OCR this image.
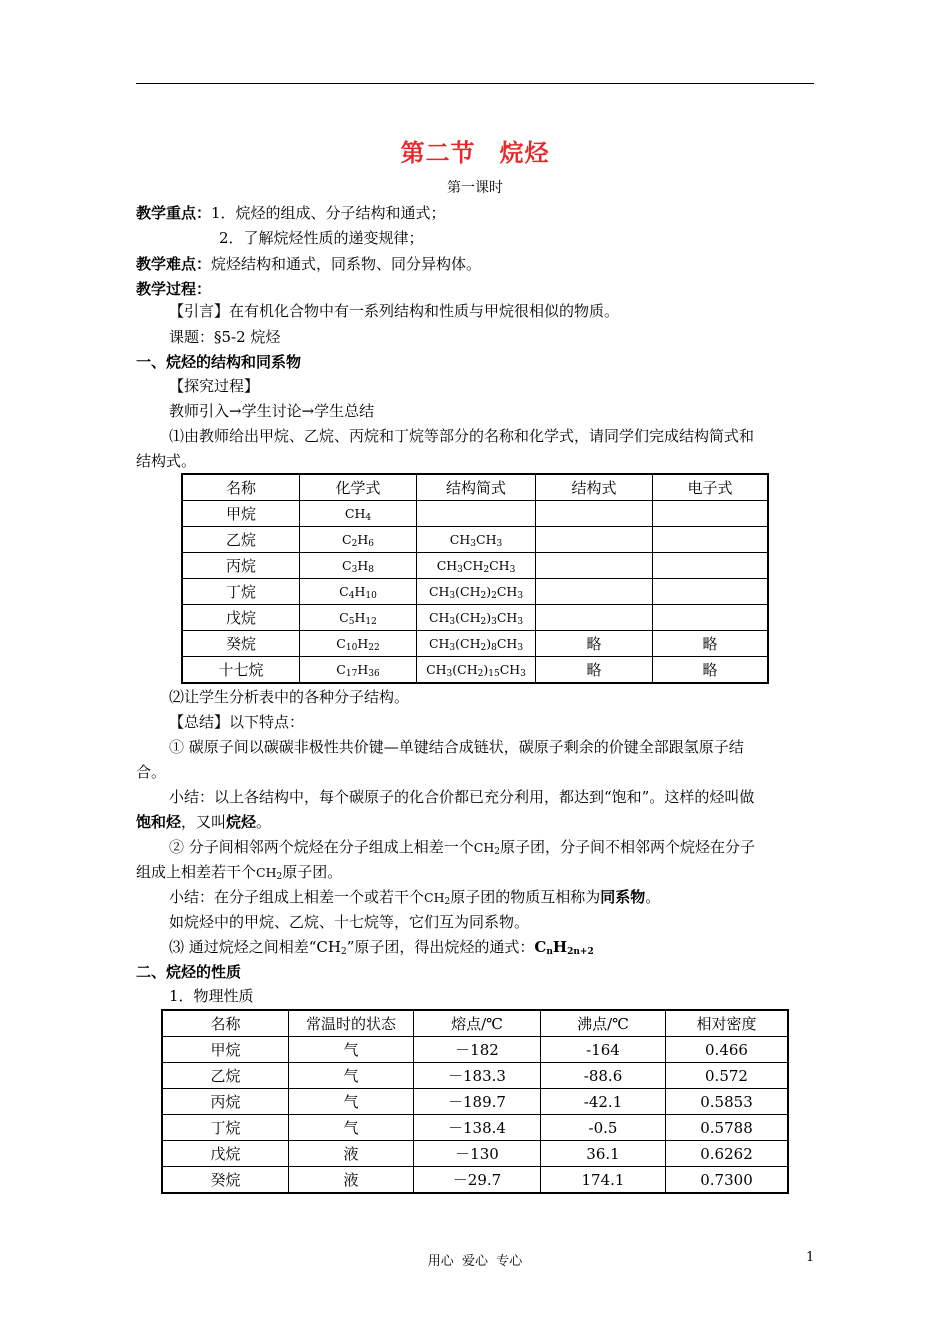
第二节 烷烃
第一课时
教学重点：1．烷烃的组成、分子结构和通式；
2．了解烷烃性质的递变规律；
教学难点：烷烃结构和通式，同系物、同分异构体。
教学过程：
【引言】在有机化合物中有一系列结构和性质与甲烷很相似的物质。
课题：§5-2 烷烃
一、烷烃的结构和同系物
【探究过程】
教师引入→学生讨论→学生总结
⑴由教师给出甲烷、乙烷、丙烷和丁烷等部分的名称和化学式，请同学们完成结构简式和
结构式。
名称	化学式	结构简式	结构式	电子式
甲烷	$CH_4$			
乙烷	$C_2H_6$	$CH_3CH_3$		
丙烷	$C_3H_8$	$CH_3CH_2CH_3$		
丁烷	$C_4H_{10}$	$CH_3(CH_2)_2CH_3$		
戊烷	$C_5H_{12}$	$CH_3(CH_2)_3CH_3$		
癸烷	$C_{10}H_{22}$	$CH_3(CH_2)_8CH_3$	略	略
十七烷	$C_{17}H_{36}$	$CH_3(CH_2)_{15}CH_3$	略	略
⑵让学生分析表中的各种分子结构。
【总结】以下特点：
① 碳原子间以碳碳非极性共价键—单键结合成链状，碳原子剩余的价键全部跟氢原子结
合。
小结：以上各结构中，每个碳原子的化合价都已充分利用，都达到“饱和”。这样的烃叫做
饱和烃，又叫烷烃。
② 分子间相邻两个烷烃在分子组成上相差一个$CH_2$原子团，分子间不相邻两个烷烃在分子
组成上相差若干个$CH_2$原子团。
小结：在分子组成上相差一个或若干个$CH_2$原子团的物质互相称为同系物。
如烷烃中的甲烷、乙烷、十七烷等，它们互为同系物。
⑶ 通过烷烃之间相差“$CH_2$”原子团，得出烷烃的通式：$C_nH_{2n+2}$
二、烷烃的性质
1．物理性质
名称	常温时的状态	熔点/℃	沸点/℃	相对密度
甲烷	气	－182	-164	0.466
乙烷	气	－183.3	-88.6	0.572
丙烷	气	－189.7	-42.1	0.5853
丁烷	气	－138.4	-0.5	0.5788
戊烷	液	－130	36.1	0.6262
癸烷	液	－29.7	174.1	0.7300
用心  爱心  专心	1
